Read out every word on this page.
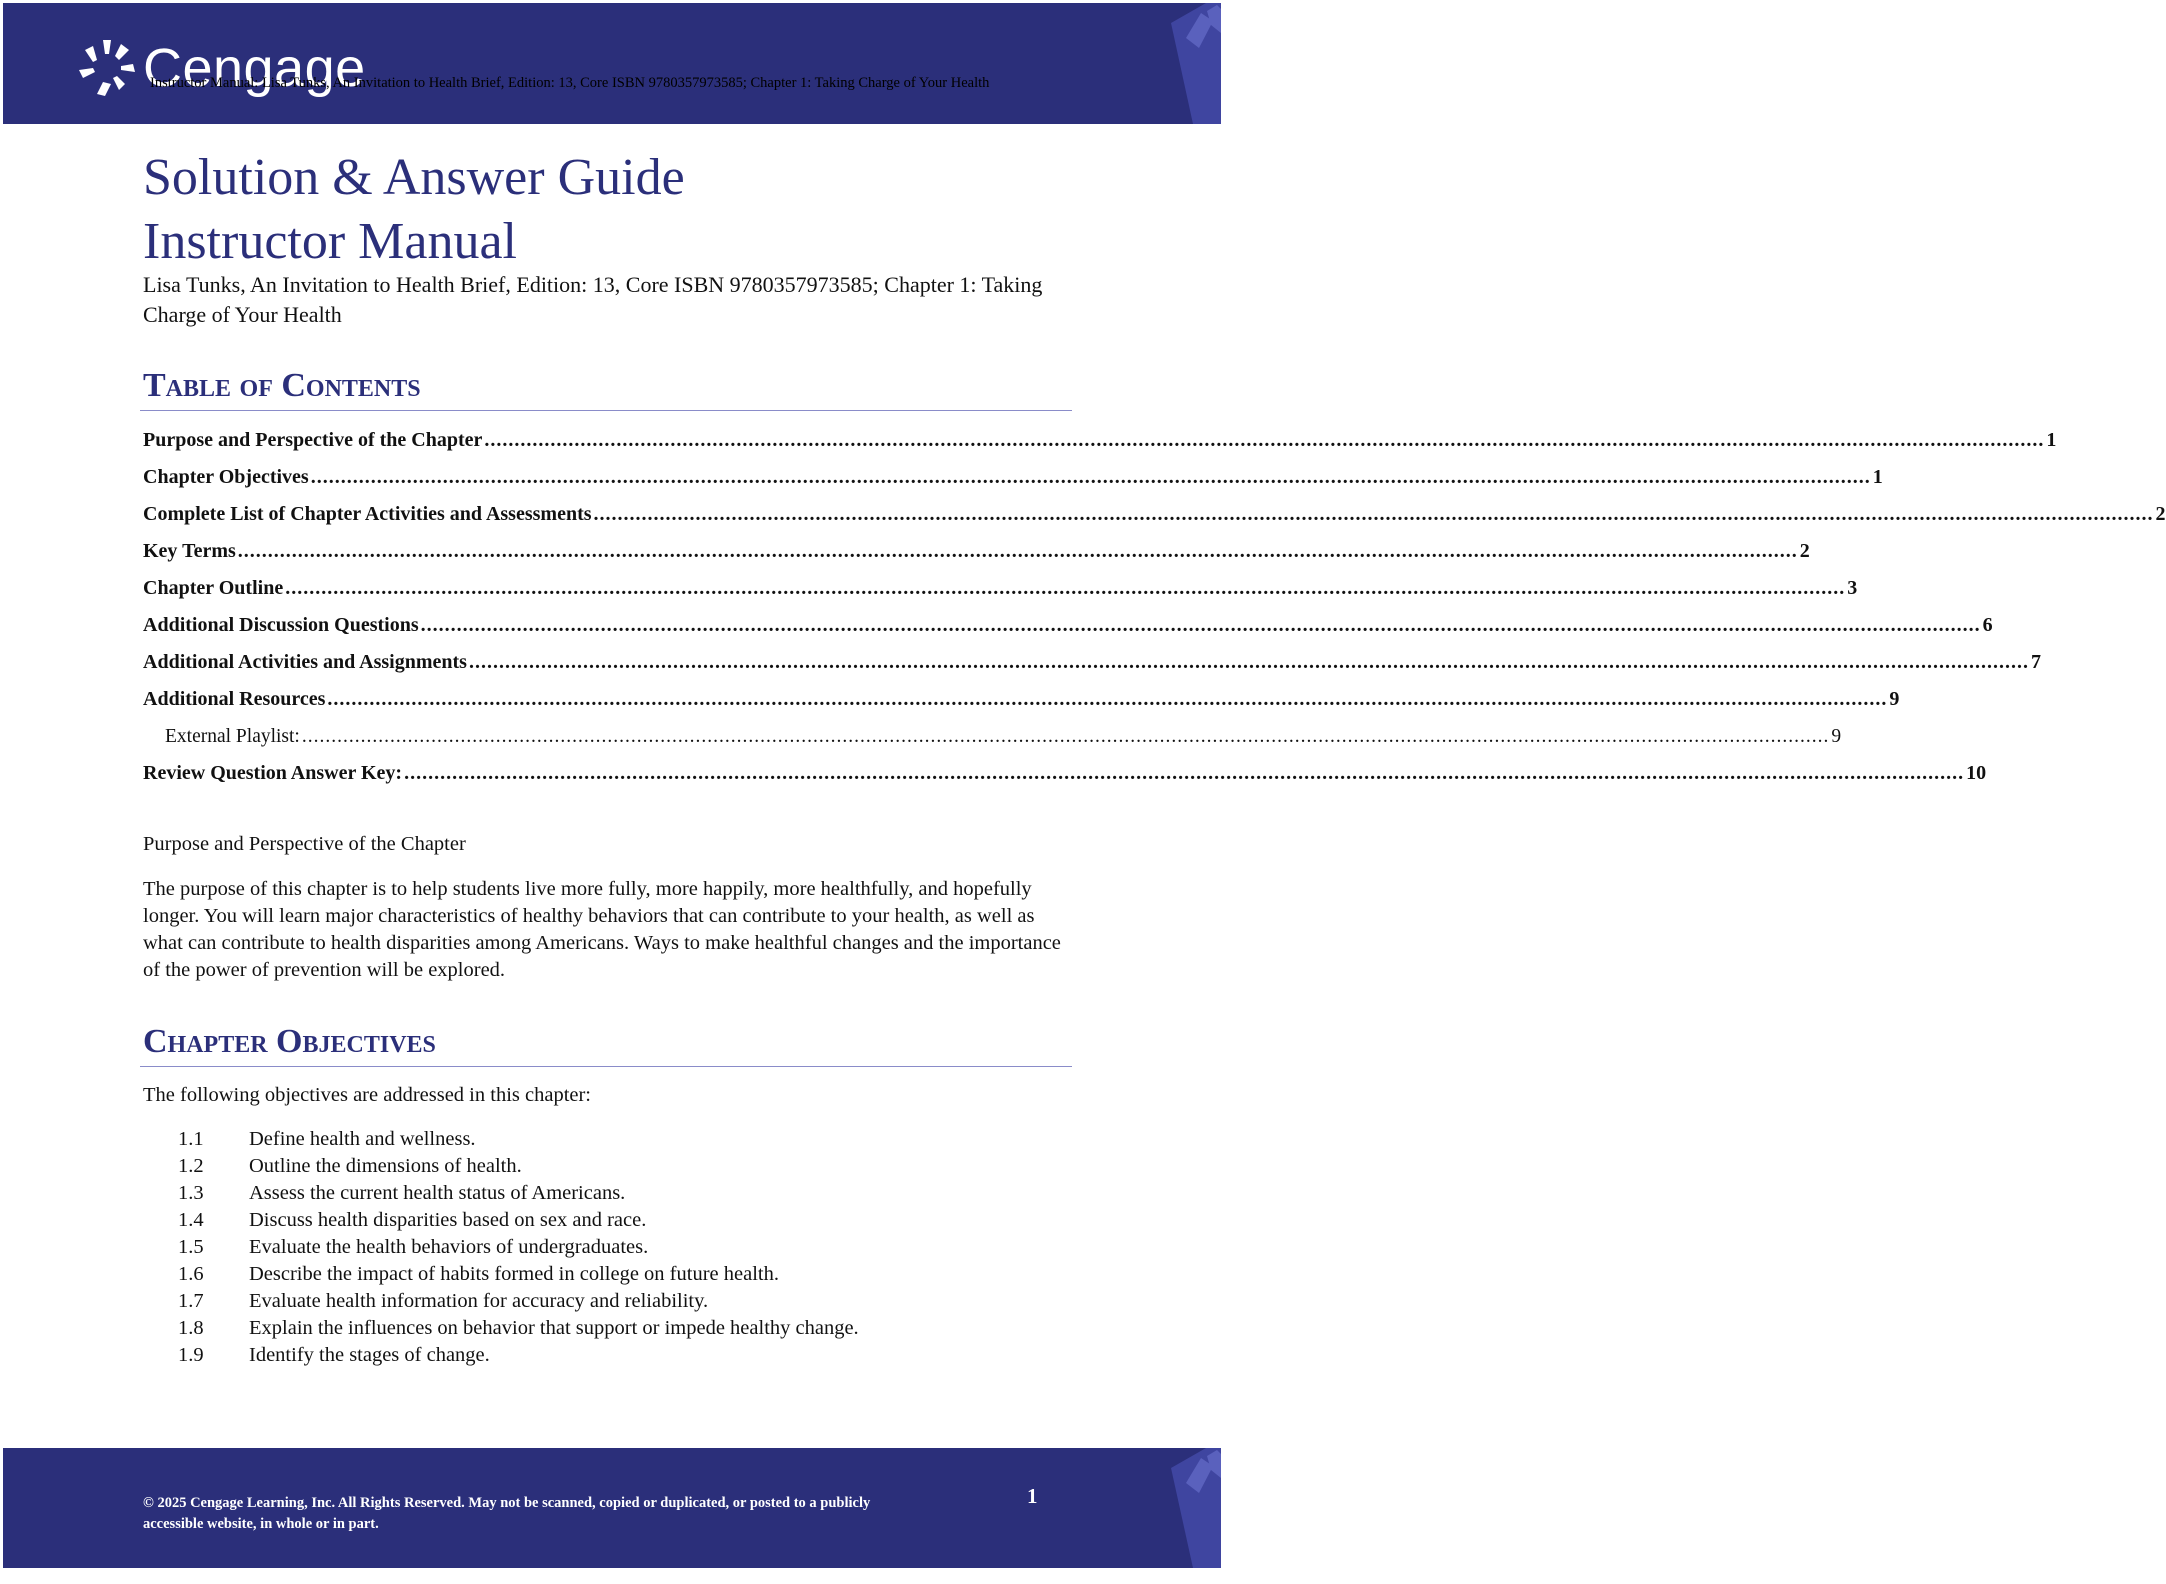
Cengage
Instructor Manual: Lisa Tunks, An Invitation to Health Brief, Edition: 13, Core ISBN 9780357973585; Chapter 1: Taking Charge of Your Health
Solution & Answer Guide
Instructor Manual

Lisa Tunks, An Invitation to Health Brief, Edition: 13, Core ISBN 9780357973585; Chapter 1: Taking Charge of Your Health

Table of Contents
Purpose and Perspective of the Chapter .................................................................................................................................................................................................................................................................... 1
Chapter Objectives .................................................................................................................................................................................................................................................................... 1
Complete List of Chapter Activities and Assessments .................................................................................................................................................................................................................................................................... 2
Key Terms .................................................................................................................................................................................................................................................................... 2
Chapter Outline .................................................................................................................................................................................................................................................................... 3
Additional Discussion Questions .................................................................................................................................................................................................................................................................... 6
Additional Activities and Assignments .................................................................................................................................................................................................................................................................... 7
Additional Resources .................................................................................................................................................................................................................................................................... 9
External Playlist: .................................................................................................................................................................................................................................................................... 9
Review Question Answer Key: .................................................................................................................................................................................................................................................................... 10
Purpose and Perspective of the Chapter

The purpose of this chapter is to help students live more fully, more happily, more healthfully, and hopefully longer. You will learn major characteristics of healthy behaviors that can contribute to your health, as well as what can contribute to health disparities among Americans. Ways to make healthful changes and the importance of the power of prevention will be explored.

Chapter Objectives

The following objectives are addressed in this chapter:

1.1	Define health and wellness.
1.2	Outline the dimensions of health.
1.3	Assess the current health status of Americans.
1.4	Discuss health disparities based on sex and race.
1.5	Evaluate the health behaviors of undergraduates.
1.6	Describe the impact of habits formed in college on future health.
1.7	Evaluate health information for accuracy and reliability.
1.8	Explain the influences on behavior that support or impede healthy change.
1.9	Identify the stages of change.
© 2025 Cengage Learning, Inc. All Rights Reserved. May not be scanned, copied or duplicated, or posted to a publicly accessible website, in whole or in part.
1
